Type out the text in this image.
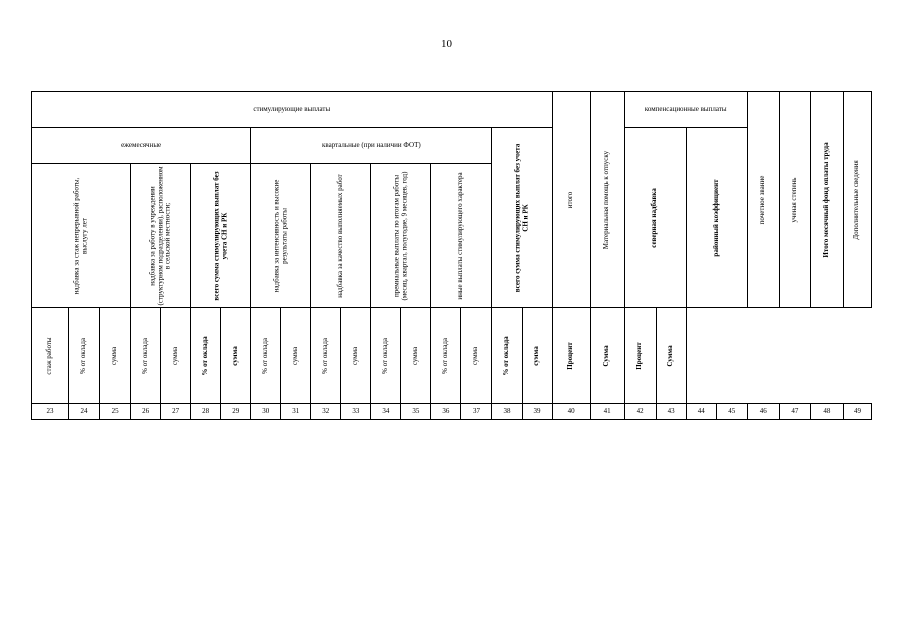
10
стимулирующие выплаты																	итого	Материальная помощь к отпуску	компенсационные выплаты				почетное звание	ученая степень	Итого месячный фонд оплаты труда	Дополнительные сведения

ежемесячные							квартальные (при наличии ФОТ)								всего сумма стимулирующих выплат без учета СН и РК				северная надбавка		районный коэффициент					

надбавка за стаж непрерывной работы, выслугу лет			надбавка за работу в учреждении (структурном подразделении), расположенном в сельской местности;		всего сумма стимулирующих выплат без учета СН и РК		надбавка за интенсивность и высокие результаты работы		надбавка за качество выполняемых работ		премиальные выплаты по итогам работы (месяц, квартал, полугодие, 9 месяцев, год)		иные выплаты стимулирующего характера													

стаж работы	% от оклада	сумма	% от оклада	сумма	% от оклада	сумма	% от оклада	сумма	% от оклада	сумма	% от оклада	сумма	% от оклада	сумма	% от оклада	сумма	Процент	Сумма	Процент	Сумма						

23	24	25	26	27	28	29	30	31	32	33	34	35	36	37	38	39	40	41	42	43	44	45	46	47	48	49
